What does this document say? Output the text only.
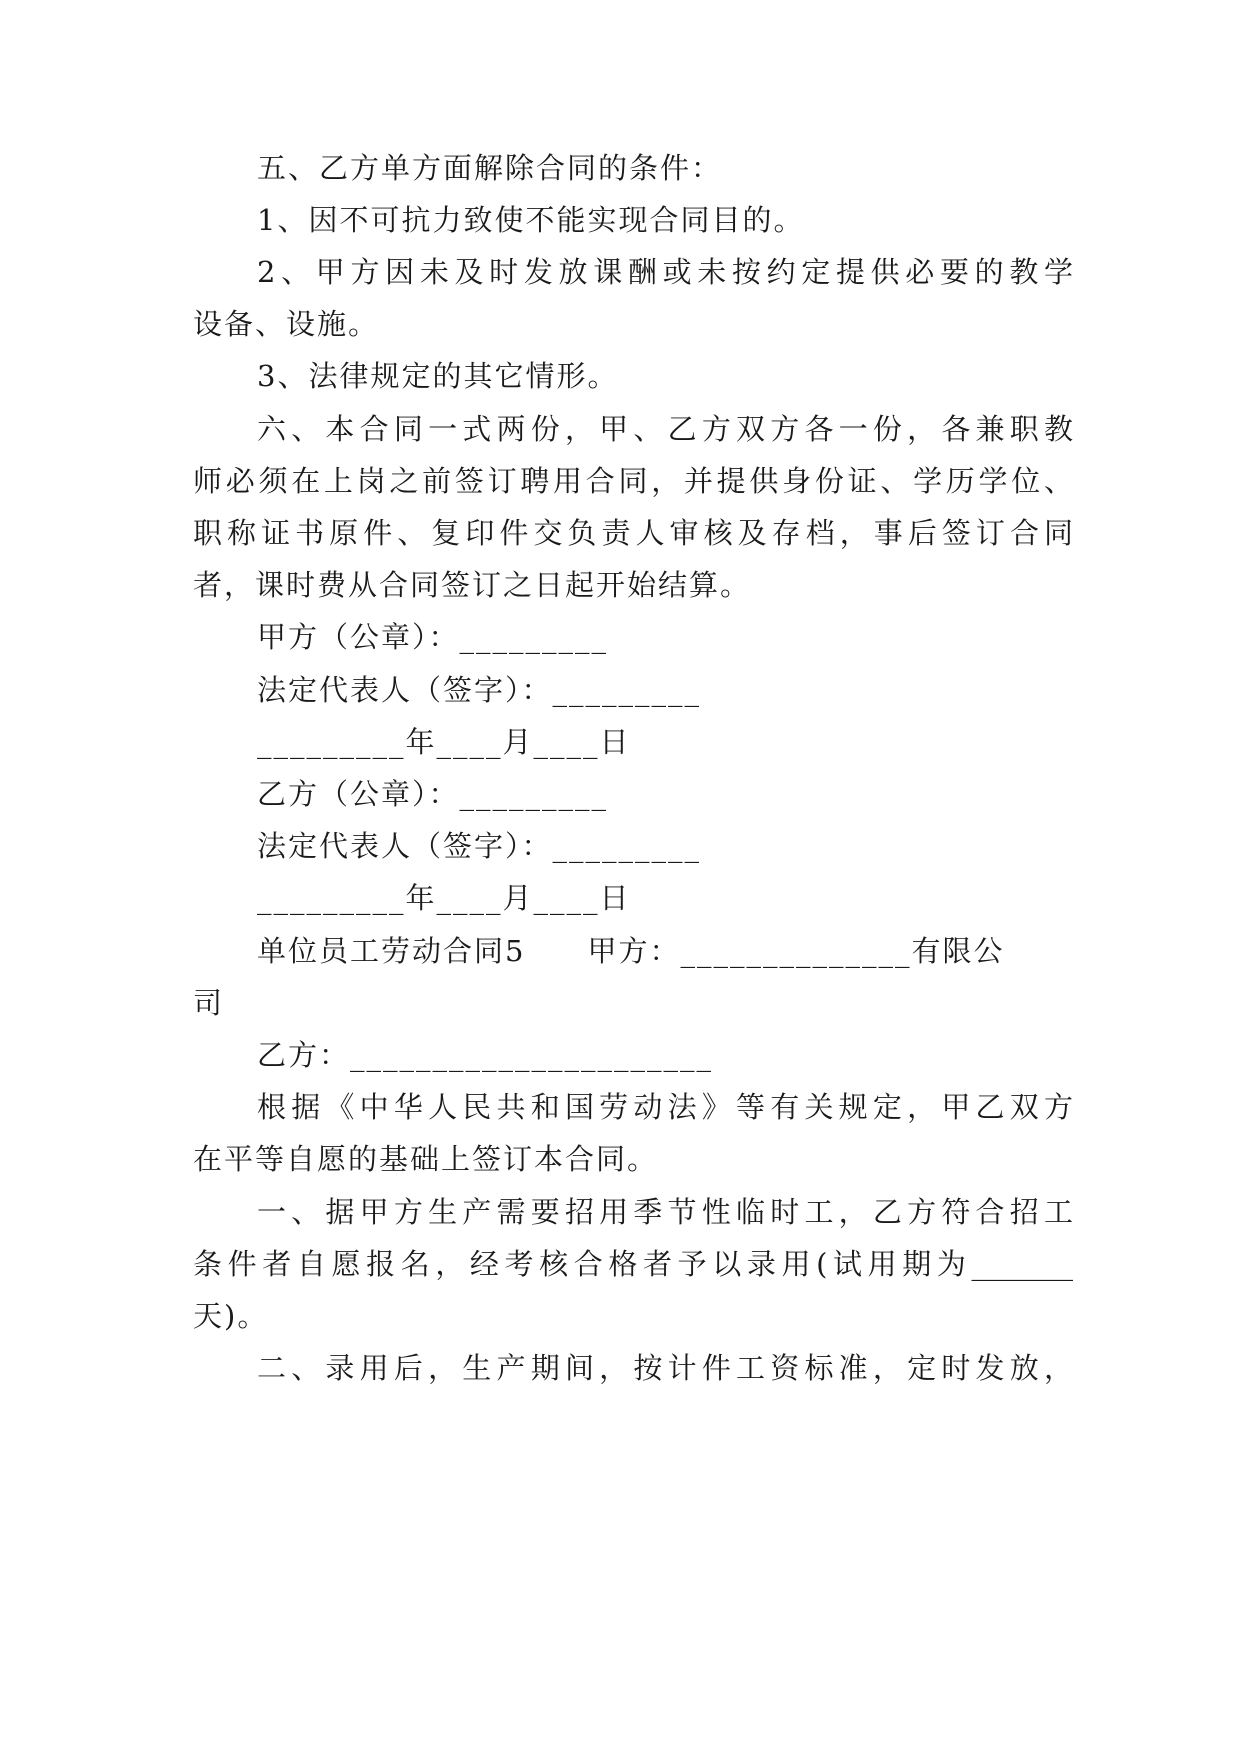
五、乙方单方面解除合同的条件：
1、因不可抗力致使不能实现合同目的。
2、甲方因未及时发放课酬或未按约定提供必要的教学
设备、设施。
3、法律规定的其它情形。
六、本合同一式两份，甲、乙方双方各一份，各兼职教
师必须在上岗之前签订聘用合同，并提供身份证、学历学位、
职称证书原件、复印件交负责人审核及存档，事后签订合同
者，课时费从合同签订之日起开始结算。
甲方（公章）：_________
法定代表人（签字）：_________
_________年____月____日
乙方（公章）：_________
法定代表人（签字）：_________
_________年____月____日
单位员工劳动合同5 甲方：______________有限公
司
乙方：______________________
根据《中华人民共和国劳动法》等有关规定，甲乙双方
在平等自愿的基础上签订本合同。
一、据甲方生产需要招用季节性临时工，乙方符合招工
条件者自愿报名，经考核合格者予以录用(试用期为_______
天)。
二、录用后，生产期间，按计件工资标准，定时发放，
